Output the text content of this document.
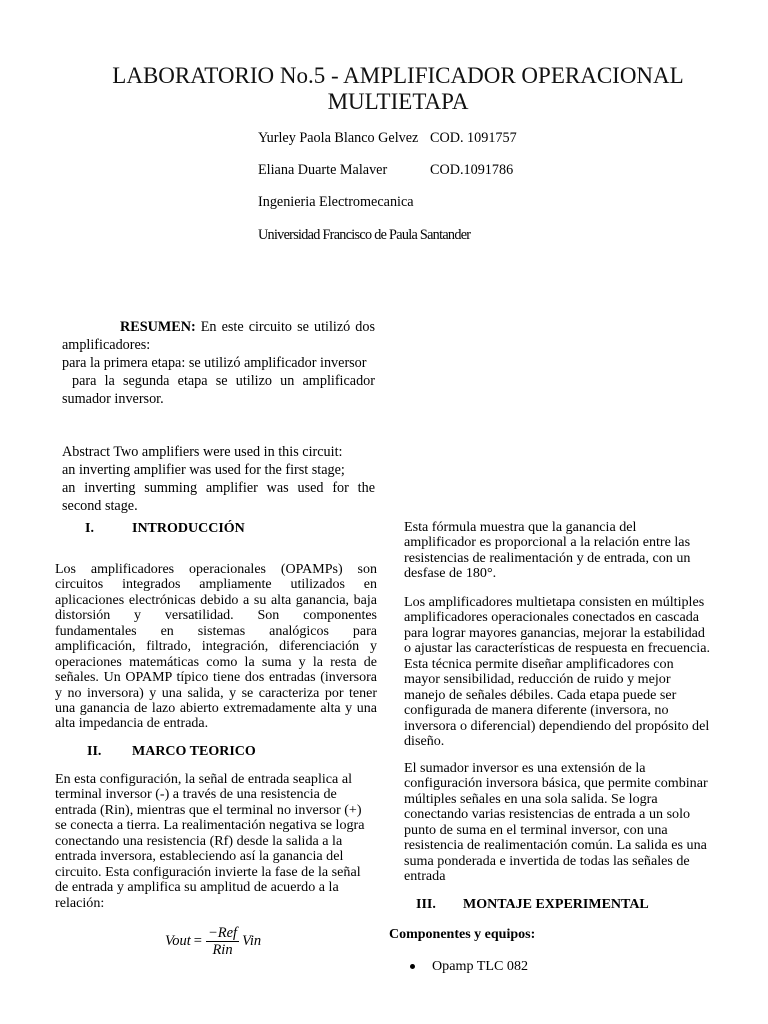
LABORATORIO No.5 - AMPLIFICADOR OPERACIONAL
MULTIETAPA
Yurley Paola Blanco Gelvez COD. 1091757
Eliana Duarte Malaver	COD.1091786
Ingenieria Electromecanica
Universidad Francisco de Paula Santander
RESUMEN: En este circuito se utilizó dos
amplificadores:
para la primera etapa: se utilizó amplificador inversor
para la segunda etapa se utilizo un amplificador
sumador inversor.
Abstract Two amplifiers were used in this circuit:
an inverting amplifier was used for the first stage;
an inverting summing amplifier was used for the
second stage.
I.	INTRODUCCIÓN
Los amplificadores operacionales (OPAMPs) son
circuitos integrados ampliamente utilizados en
aplicaciones electrónicas debido a su alta ganancia, baja
distorsión y versatilidad. Son componentes
fundamentales en sistemas analógicos para
amplificación, filtrado, integración, diferenciación y
operaciones matemáticas como la suma y la resta de
señales. Un OPAMP típico tiene dos entradas (inversora
y no inversora) y una salida, y se caracteriza por tener
una ganancia de lazo abierto extremadamente alta y una
alta impedancia de entrada.
II. MARCO TEORICO
En esta configuración, la señal de entrada seaplica al
terminal inversor (-) a través de una resistencia de
entrada (Rin), mientras que el terminal no inversor (+)
se conecta a tierra. La realimentación negativa se logra
conectando una resistencia (Rf) desde la salida a la
entrada inversora, estableciendo así la ganancia del
circuito. Esta configuración invierte la fase de la señal
de entrada y amplifica su amplitud de acuerdo a la
relación:
Vout = $\frac{\text{−Ref}}{\text{Rin}}$ Vin
Esta fórmula muestra que la ganancia del
amplificador es proporcional a la relación entre las
resistencias de realimentación y de entrada, con un
desfase de 180°.
Los amplificadores multietapa consisten en múltiples
amplificadores operacionales conectados en cascada
para lograr mayores ganancias, mejorar la estabilidad
o ajustar las características de respuesta en frecuencia.
Esta técnica permite diseñar amplificadores con
mayor sensibilidad, reducción de ruido y mejor
manejo de señales débiles. Cada etapa puede ser
configurada de manera diferente (inversora, no
inversora o diferencial) dependiendo del propósito del
diseño.
El sumador inversor es una extensión de la
configuración inversora básica, que permite combinar
múltiples señales en una sola salida. Se logra
conectando varias resistencias de entrada a un solo
punto de suma en el terminal inversor, con una
resistencia de realimentación común. La salida es una
suma ponderada e invertida de todas las señales de
entrada
III. MONTAJE EXPERIMENTAL
Componentes y equipos:
Opamp TLC 082
